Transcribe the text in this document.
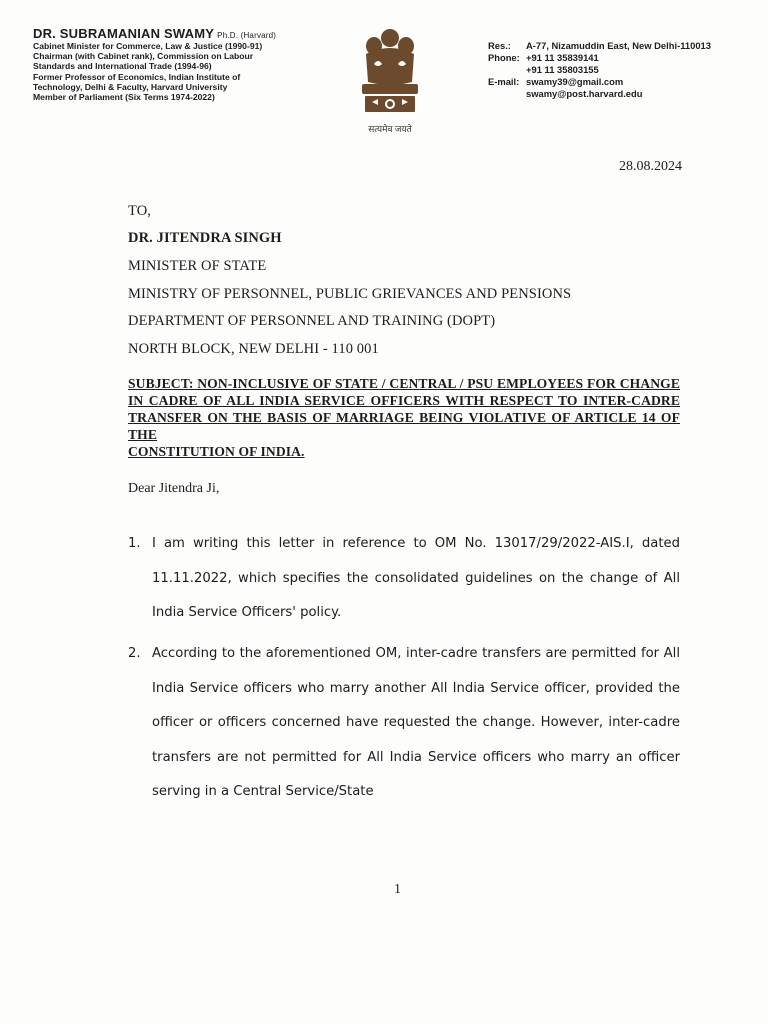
DR. SUBRAMANIAN SWAMY Ph.D. (Harvard)
Cabinet Minister for Commerce, Law & Justice (1990-91)
Chairman (with Cabinet rank), Commission on Labour
Standards and International Trade (1994-96)
Former Professor of Economics, Indian Institute of
Technology, Delhi & Faculty, Harvard University
Member of Parliament (Six Terms 1974-2022)
सत्यमेव जयते
Res.:	A-77, Nizamuddin East, New Delhi-110013
Phone: +91 11 35839141
+91 11 35803155
E-mail: swamy39@gmail.com
swamy@post.harvard.edu
28.08.2024
TO,
DR. JITENDRA SINGH
MINISTER OF STATE
MINISTRY OF PERSONNEL, PUBLIC GRIEVANCES AND PENSIONS
DEPARTMENT OF PERSONNEL AND TRAINING (DOPT)
NORTH BLOCK, NEW DELHI - 110 001
SUBJECT: NON-INCLUSIVE OF STATE / CENTRAL / PSU EMPLOYEES FOR CHANGE IN CADRE OF ALL INDIA SERVICE OFFICERS WITH RESPECT TO INTER-CADRE TRANSFER ON THE BASIS OF MARRIAGE BEING VIOLATIVE OF ARTICLE 14 OF THE
CONSTITUTION OF INDIA.
Dear Jitendra Ji,
1. I am writing this letter in reference to OM No. 13017/29/2022-AIS.I, dated 11.11.2022, which specifies the consolidated guidelines on the change of All India Service Officers' policy.
2. According to the aforementioned OM, inter-cadre transfers are permitted for All India Service officers who marry another All India Service officer, provided the officer or officers concerned have requested the change. However, inter-cadre transfers are not permitted for All India Service officers who marry an officer serving in a Central Service/State
1
